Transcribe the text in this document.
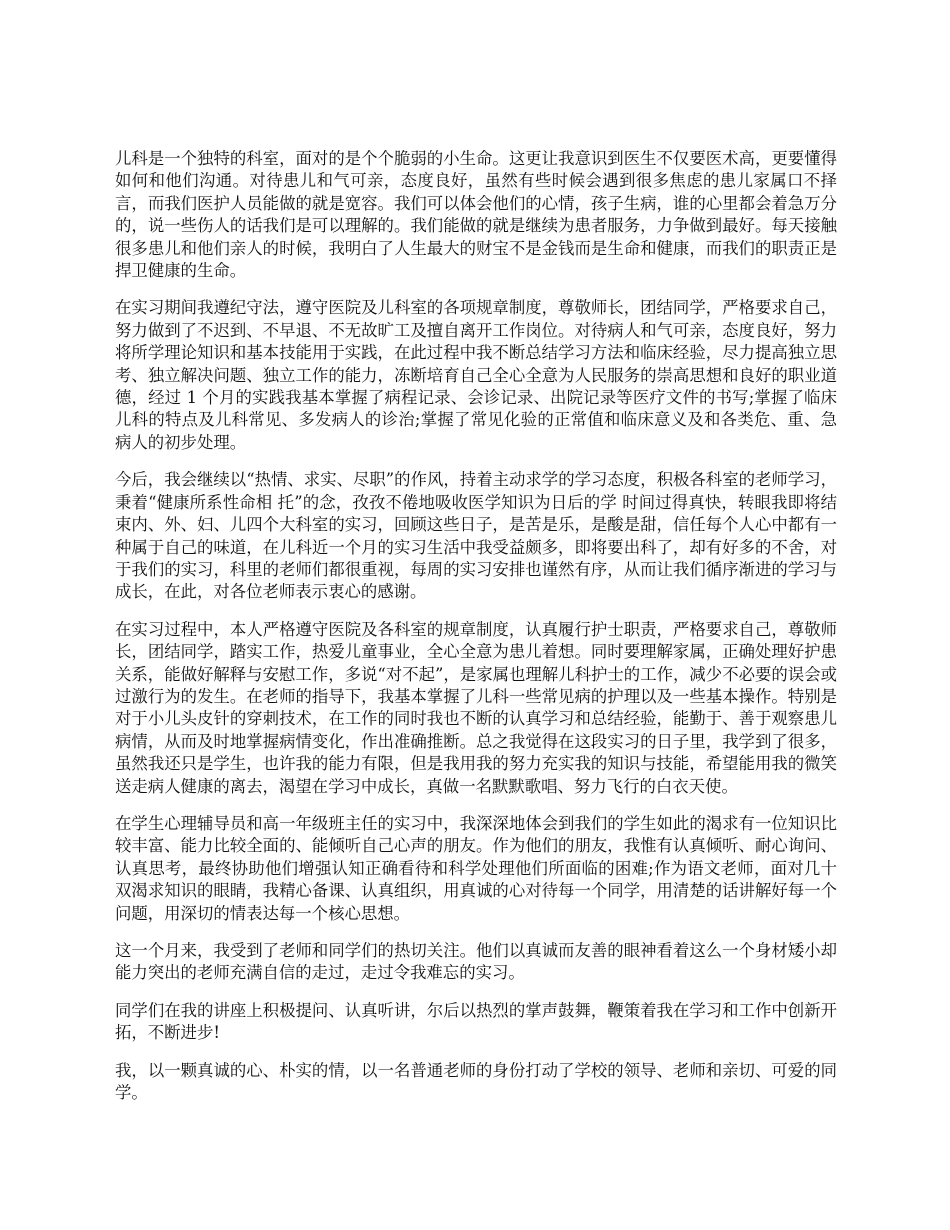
儿科是一个独特的科室，面对的是个个脆弱的小生命。这更让我意识到医生不仅要医术高，更要懂得如何和他们沟通。对待患儿和气可亲，态度良好，虽然有些时候会遇到很多焦虑的患儿家属口不择言，而我们医护人员能做的就是宽容。我们可以体会他们的心情，孩子生病，谁的心里都会着急万分的，说一些伤人的话我们是可以理解的。我们能做的就是继续为患者服务，力争做到最好。每天接触很多患儿和他们亲人的时候，我明白了人生最大的财宝不是金钱而是生命和健康，而我们的职责正是捍卫健康的生命。

在实习期间我遵纪守法，遵守医院及儿科室的各项规章制度，尊敬师长，团结同学，严格要求自己，努力做到了不迟到、不早退、不无故旷工及擅自离开工作岗位。对待病人和气可亲，态度良好，努力将所学理论知识和基本技能用于实践，在此过程中我不断总结学习方法和临床经验，尽力提高独立思考、独立解决问题、独立工作的能力，冻断培育自己全心全意为人民服务的崇高思想和良好的职业道德，经过 1 个月的实践我基本掌握了病程记录、会诊记录、出院记录等医疗文件的书写;掌握了临床儿科的特点及儿科常见、多发病人的诊治;掌握了常见化验的正常值和临床意义及和各类危、重、急病人的初步处理。

今后，我会继续以“热情、求实、尽职”的作风，持着主动求学的学习态度，积极各科室的老师学习，秉着“健康所系性命相 托”的念，孜孜不倦地吸收医学知识为日后的学 时间过得真快，转眼我即将结束内、外、妇、儿四个大科室的实习，回顾这些日子，是苦是乐，是酸是甜，信任每个人心中都有一种属于自己的味道，在儿科近一个月的实习生活中我受益颇多，即将要出科了，却有好多的不舍，对于我们的实习，科里的老师们都很重视，每周的实习安排也谨然有序，从而让我们循序渐进的学习与成长，在此，对各位老师表示衷心的感谢。

在实习过程中，本人严格遵守医院及各科室的规章制度，认真履行护士职责，严格要求自己，尊敬师长，团结同学，踏实工作，热爱儿童事业，全心全意为患儿着想。同时要理解家属，正确处理好护患关系，能做好解释与安慰工作，多说“对不起”，是家属也理解儿科护士的工作，减少不必要的误会或过激行为的发生。在老师的指导下，我基本掌握了儿科一些常见病的护理以及一些基本操作。特别是对于小儿头皮针的穿刺技术，在工作的同时我也不断的认真学习和总结经验，能勤于、善于观察患儿病情，从而及时地掌握病情变化，作出准确推断。总之我觉得在这段实习的日子里，我学到了很多，虽然我还只是学生，也许我的能力有限，但是我用我的努力充实我的知识与技能，希望能用我的微笑送走病人健康的离去，渴望在学习中成长，真做一名默默歌唱、努力飞行的白衣天使。

在学生心理辅导员和高一年级班主任的实习中，我深深地体会到我们的学生如此的渴求有一位知识比较丰富、能力比较全面的、能倾听自己心声的朋友。作为他们的朋友，我惟有认真倾听、耐心询问、认真思考，最终协助他们增强认知正确看待和科学处理他们所面临的困难;作为语文老师，面对几十双渴求知识的眼睛，我精心备课、认真组织，用真诚的心对待每一个同学，用清楚的话讲解好每一个问题，用深切的情表达每一个核心思想。

这一个月来，我受到了老师和同学们的热切关注。他们以真诚而友善的眼神看着这么一个身材矮小却能力突出的老师充满自信的走过，走过令我难忘的实习。

同学们在我的讲座上积极提问、认真听讲，尔后以热烈的掌声鼓舞，鞭策着我在学习和工作中创新开拓，不断进步!

我，以一颗真诚的心、朴实的情，以一名普通老师的身份打动了学校的领导、老师和亲切、可爱的同学。
